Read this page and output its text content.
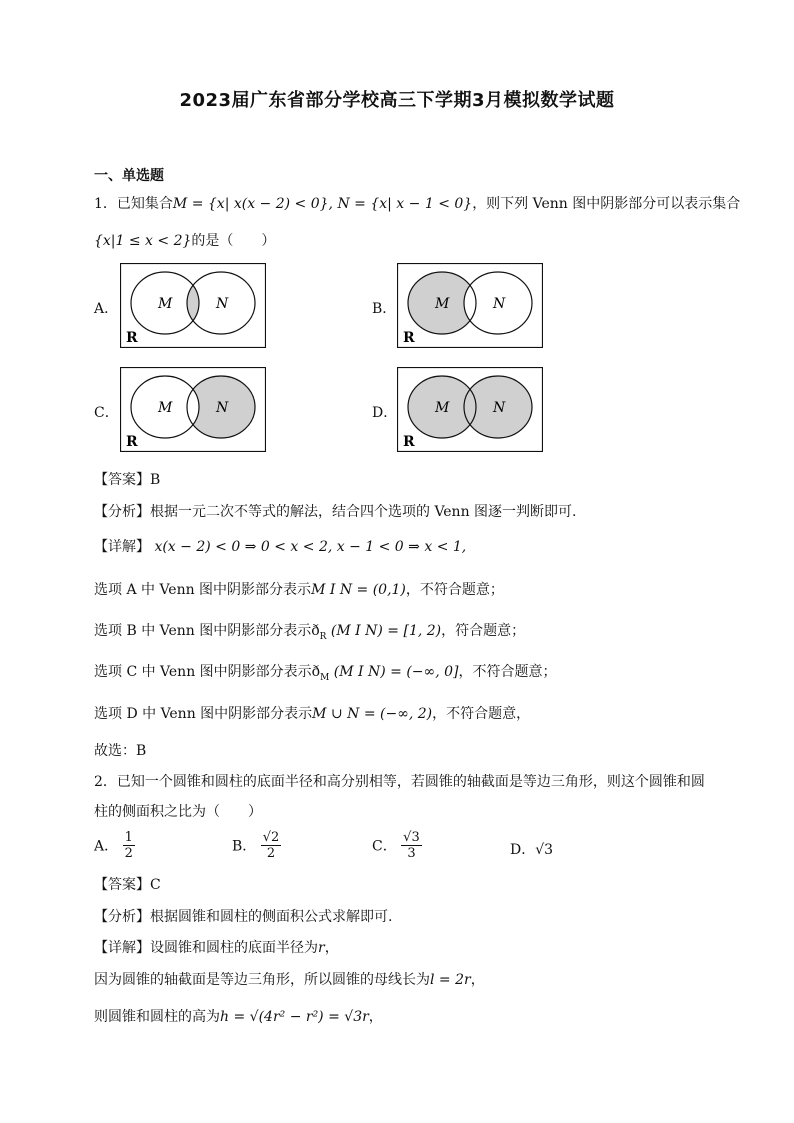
2023届广东省部分学校高三下学期3月模拟数学试题
一、单选题
1．已知集合M = {x| x(x − 2) < 0}, N = {x| x − 1 < 0}，则下列 Venn 图中阴影部分可以表示集合
{x|1 ≤ x < 2}的是（　　）
A．	B．
C．	D．
M	N
R
M	N
R
M	N
R
M	N
R
【答案】B
【分析】根据一元二次不等式的解法，结合四个选项的 Venn 图逐一判断即可.
【详解】 x(x − 2) < 0 ⇒ 0 < x < 2, x − 1 < 0 ⇒ x < 1,
选项 A 中 Venn 图中阴影部分表示M I N = (0,1)，不符合题意；
选项 B 中 Venn 图中阴影部分表示$ð_R$ (M I N) = [1, 2)，符合题意；
选项 C 中 Venn 图中阴影部分表示$ð_M$ (M I N) = (−∞, 0]，不符合题意；
选项 D 中 Venn 图中阴影部分表示M ∪ N = (−∞, 2)，不符合题意，
故选：B
2．已知一个圆锥和圆柱的底面半径和高分别相等，若圆锥的轴截面是等边三角形，则这个圆锥和圆
柱的侧面积之比为（　　）
A． $\frac{1}{2}$	B． $\frac{√2}{2}$	C． $\frac{√3}{3}$	D．√3
【答案】C
【分析】根据圆锥和圆柱的侧面积公式求解即可.
【详解】设圆锥和圆柱的底面半径为r，
因为圆锥的轴截面是等边三角形，所以圆锥的母线长为l = 2r，
则圆锥和圆柱的高为h = √(4r² − r²) = √3r，
